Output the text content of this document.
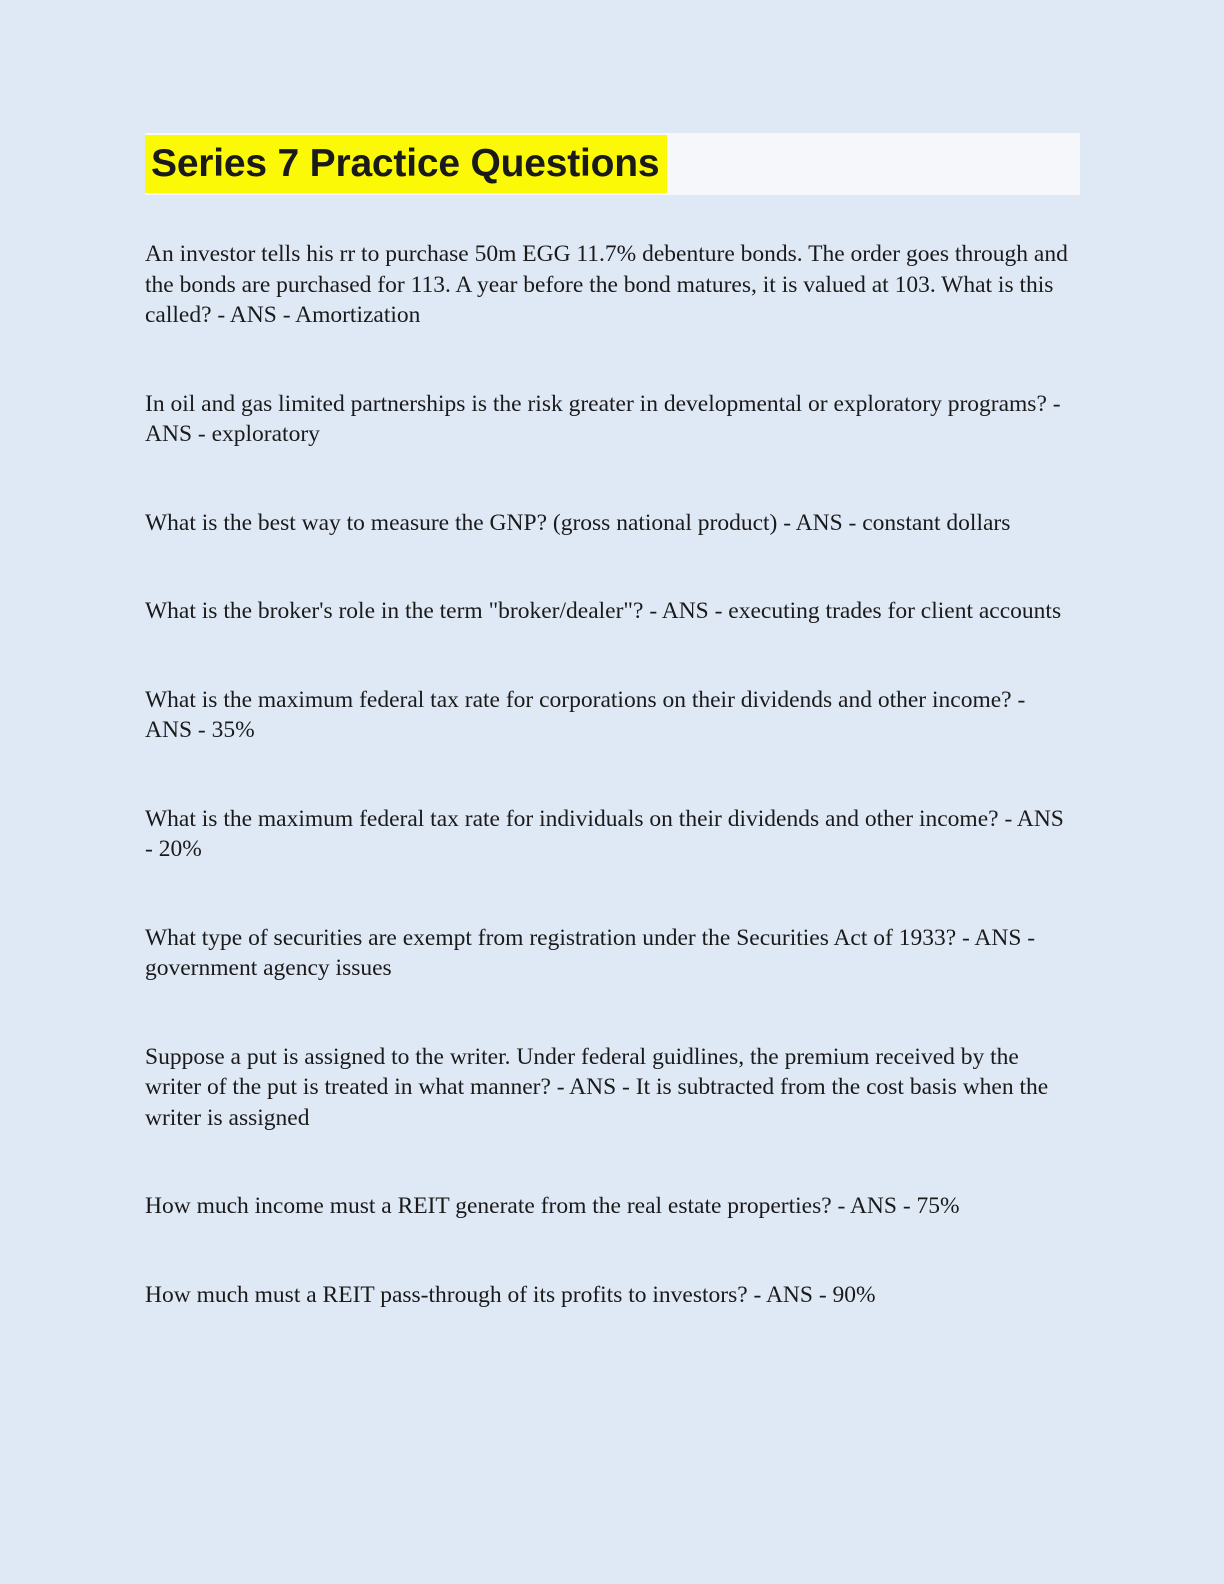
Series 7 Practice Questions

An investor tells his rr to purchase 50m EGG 11.7% debenture bonds. The order goes through and the bonds are purchased for 113. A year before the bond matures, it is valued at 103. What is this called? - ANS - Amortization

In oil and gas limited partnerships is the risk greater in developmental or exploratory programs? - ANS - exploratory

What is the best way to measure the GNP? (gross national product) - ANS - constant dollars

What is the broker's role in the term "broker/dealer"? - ANS - executing trades for client accounts

What is the maximum federal tax rate for corporations on their dividends and other income? - ANS - 35%

What is the maximum federal tax rate for individuals on their dividends and other income? - ANS - 20%

What type of securities are exempt from registration under the Securities Act of 1933? - ANS - government agency issues

Suppose a put is assigned to the writer. Under federal guidlines, the premium received by the writer of the put is treated in what manner? - ANS - It is subtracted from the cost basis when the writer is assigned

How much income must a REIT generate from the real estate properties? - ANS - 75%

How much must a REIT pass-through of its profits to investors? - ANS - 90%
